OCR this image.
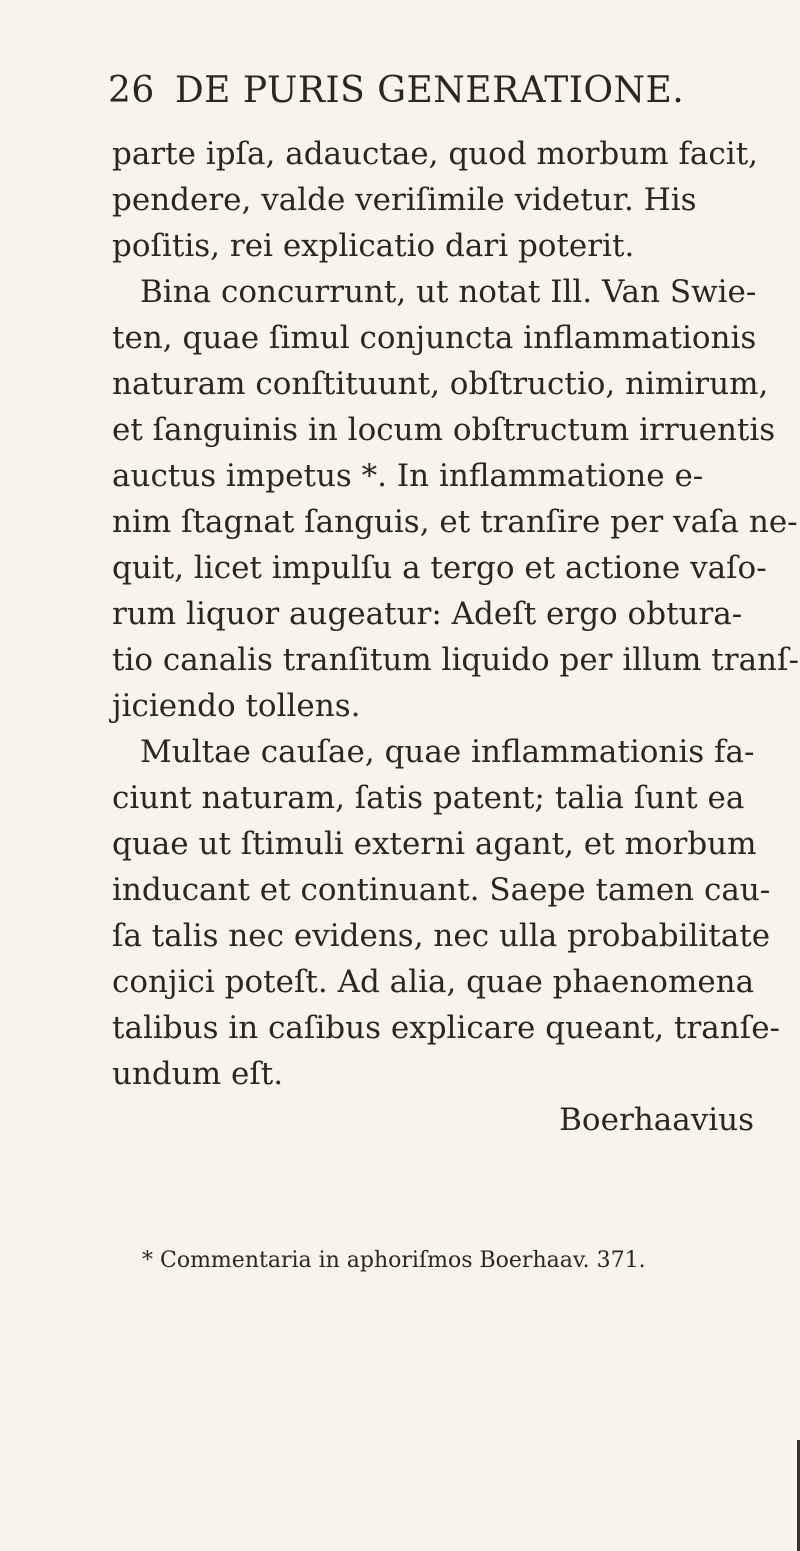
26 DE PURIS GENERATIONE.
parte ipſa, adauctae, quod morbum facit,
pendere, valde veriſimile videtur. His
poſitis, rei explicatio dari poterit.
Bina concurrunt, ut notat Ill. Van Swie-
ten, quae ſimul conjuncta inflammationis
naturam conſtituunt, obſtructio, nimirum,
et ſanguinis in locum obſtructum irruentis
auctus impetus *. In inflammatione e-
nim ſtagnat ſanguis, et tranſire per vaſa ne-
quit, licet impulſu a tergo et actione vaſo-
rum liquor augeatur: Adeſt ergo obtura-
tio canalis tranſitum liquido per illum tranſ-
jiciendo tollens.
Multae cauſae, quae inflammationis fa-
ciunt naturam, ſatis patent; talia ſunt ea
quae ut ſtimuli externi agant, et morbum
inducant et continuant. Saepe tamen cau-
ſa talis nec evidens, nec ulla probabilitate
conjici poteſt. Ad alia, quae phaenomena
talibus in caſibus explicare queant, tranſe-
undum eſt.
Boerhaavius
* Commentaria in aphoriſmos Boerhaav. 371.
